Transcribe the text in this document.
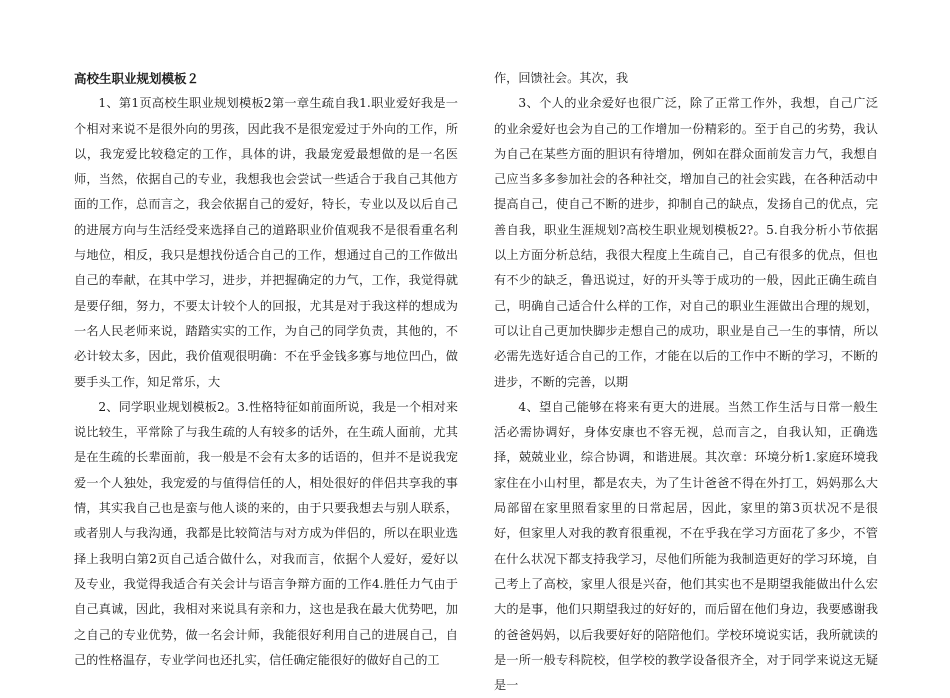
高校生职业规划模板２

1、第1页高校生职业规划模板2第一章生疏自我1.职业爱好我是一个相对来说不是很外向的男孩，因此我不是很宠爱过于外向的工作，所以，我宠爱比较稳定的工作，具体的讲，我最宠爱最想做的是一名医师，当然，依据自己的专业，我想我也会尝试一些适合于我自己其他方面的工作，总而言之，我会依据自己的爱好，特长，专业以及以后自己的进展方向与生活经受来选择自己的道路职业价值观我不是很看重名利与地位，相反，我只是想找份适合自己的工作，想通过自己的工作做出自己的奉献，在其中学习，进步，并把握确定的力气，工作，我觉得就是要仔细，努力，不要太计较个人的回报，尤其是对于我这样的想成为一名人民老师来说，踏踏实实的工作，为自己的同学负责，其他的，不必计较太多，因此，我价值观很明确：不在乎金钱多寡与地位凹凸，做要手头工作，知足常乐，大

2、同学职业规划模板2。3.性格特征如前面所说，我是一个相对来说比较生，平常除了与我生疏的人有较多的话外，在生疏人面前，尤其是在生疏的长辈面前，我一般是不会有太多的话语的，但并不是说我宠爱一个人独处，我宠爱的与值得信任的人，相处很好的伴侣共享我的事情，其实我自己也是蛮与他人谈的来的，由于只要我想去与别人联系，或者别人与我沟通，我都是比较简洁与对方成为伴侣的，所以在职业选择上我明白第2页自己适合做什么，对我而言，依据个人爱好，爱好以及专业，我觉得我适合有关会计与语言争辩方面的工作4.胜任力气由于自己真诚，因此，我相对来说具有亲和力，这也是我在最大优势吧，加之自己的专业优势，做一名会计师，我能很好利用自己的进展自己，自己的性格温存，专业学问也还扎实，信任确定能很好的做好自己的工

作，回馈社会。其次，我

3、个人的业余爱好也很广泛，除了正常工作外，我想，自己广泛的业余爱好也会为自己的工作增加一份精彩的。至于自己的劣势，我认为自己在某些方面的胆识有待增加，例如在群众面前发言力气，我想自己应当多多参加社会的各种社交，增加自己的社会实践，在各种活动中提高自己，使自己不断的进步，抑制自己的缺点，发扬自己的优点，完善自我，职业生涯规划?高校生职业规划模板2?。5.自我分析小节依据以上方面分析总结，我很大程度上生疏自己，自己有很多的优点，但也有不少的缺乏，鲁迅说过，好的开头等于成功的一般，因此正确生疏自己，明确自己适合什么样的工作，对自己的职业生涯做出合理的规划，可以让自己更加快脚步走想自己的成功，职业是自己一生的事情，所以必需先选好适合自己的工作，才能在以后的工作中不断的学习，不断的进步，不断的完善，以期

4、望自己能够在将来有更大的进展。当然工作生活与日常一般生活必需协调好，身体安康也不容无视，总而言之，自我认知，正确选择，兢兢业业，综合协调，和谐进展。其次章：环境分析1.家庭环境我家住在小山村里，都是农夫，为了生计爸爸不得在外打工，妈妈那么大局部留在家里照看家里的日常起居，因此，家里的第3页状况不是很好，但家里人对我的教育很重视，不在乎我在学习方面花了多少，不管在什么状况下都支持我学习，尽他们所能为我制造更好的学习环境，自己考上了高校，家里人很是兴奋，他们其实也不是期望我能做出什么宏大的是事，他们只期望我过的好好的，而后留在他们身边，我要感谢我的爸爸妈妈，以后我要好好的陪陪他们。学校环境说实话，我所就读的是一所一般专科院校，但学校的教学设备很齐全，对于同学来说这无疑是一
